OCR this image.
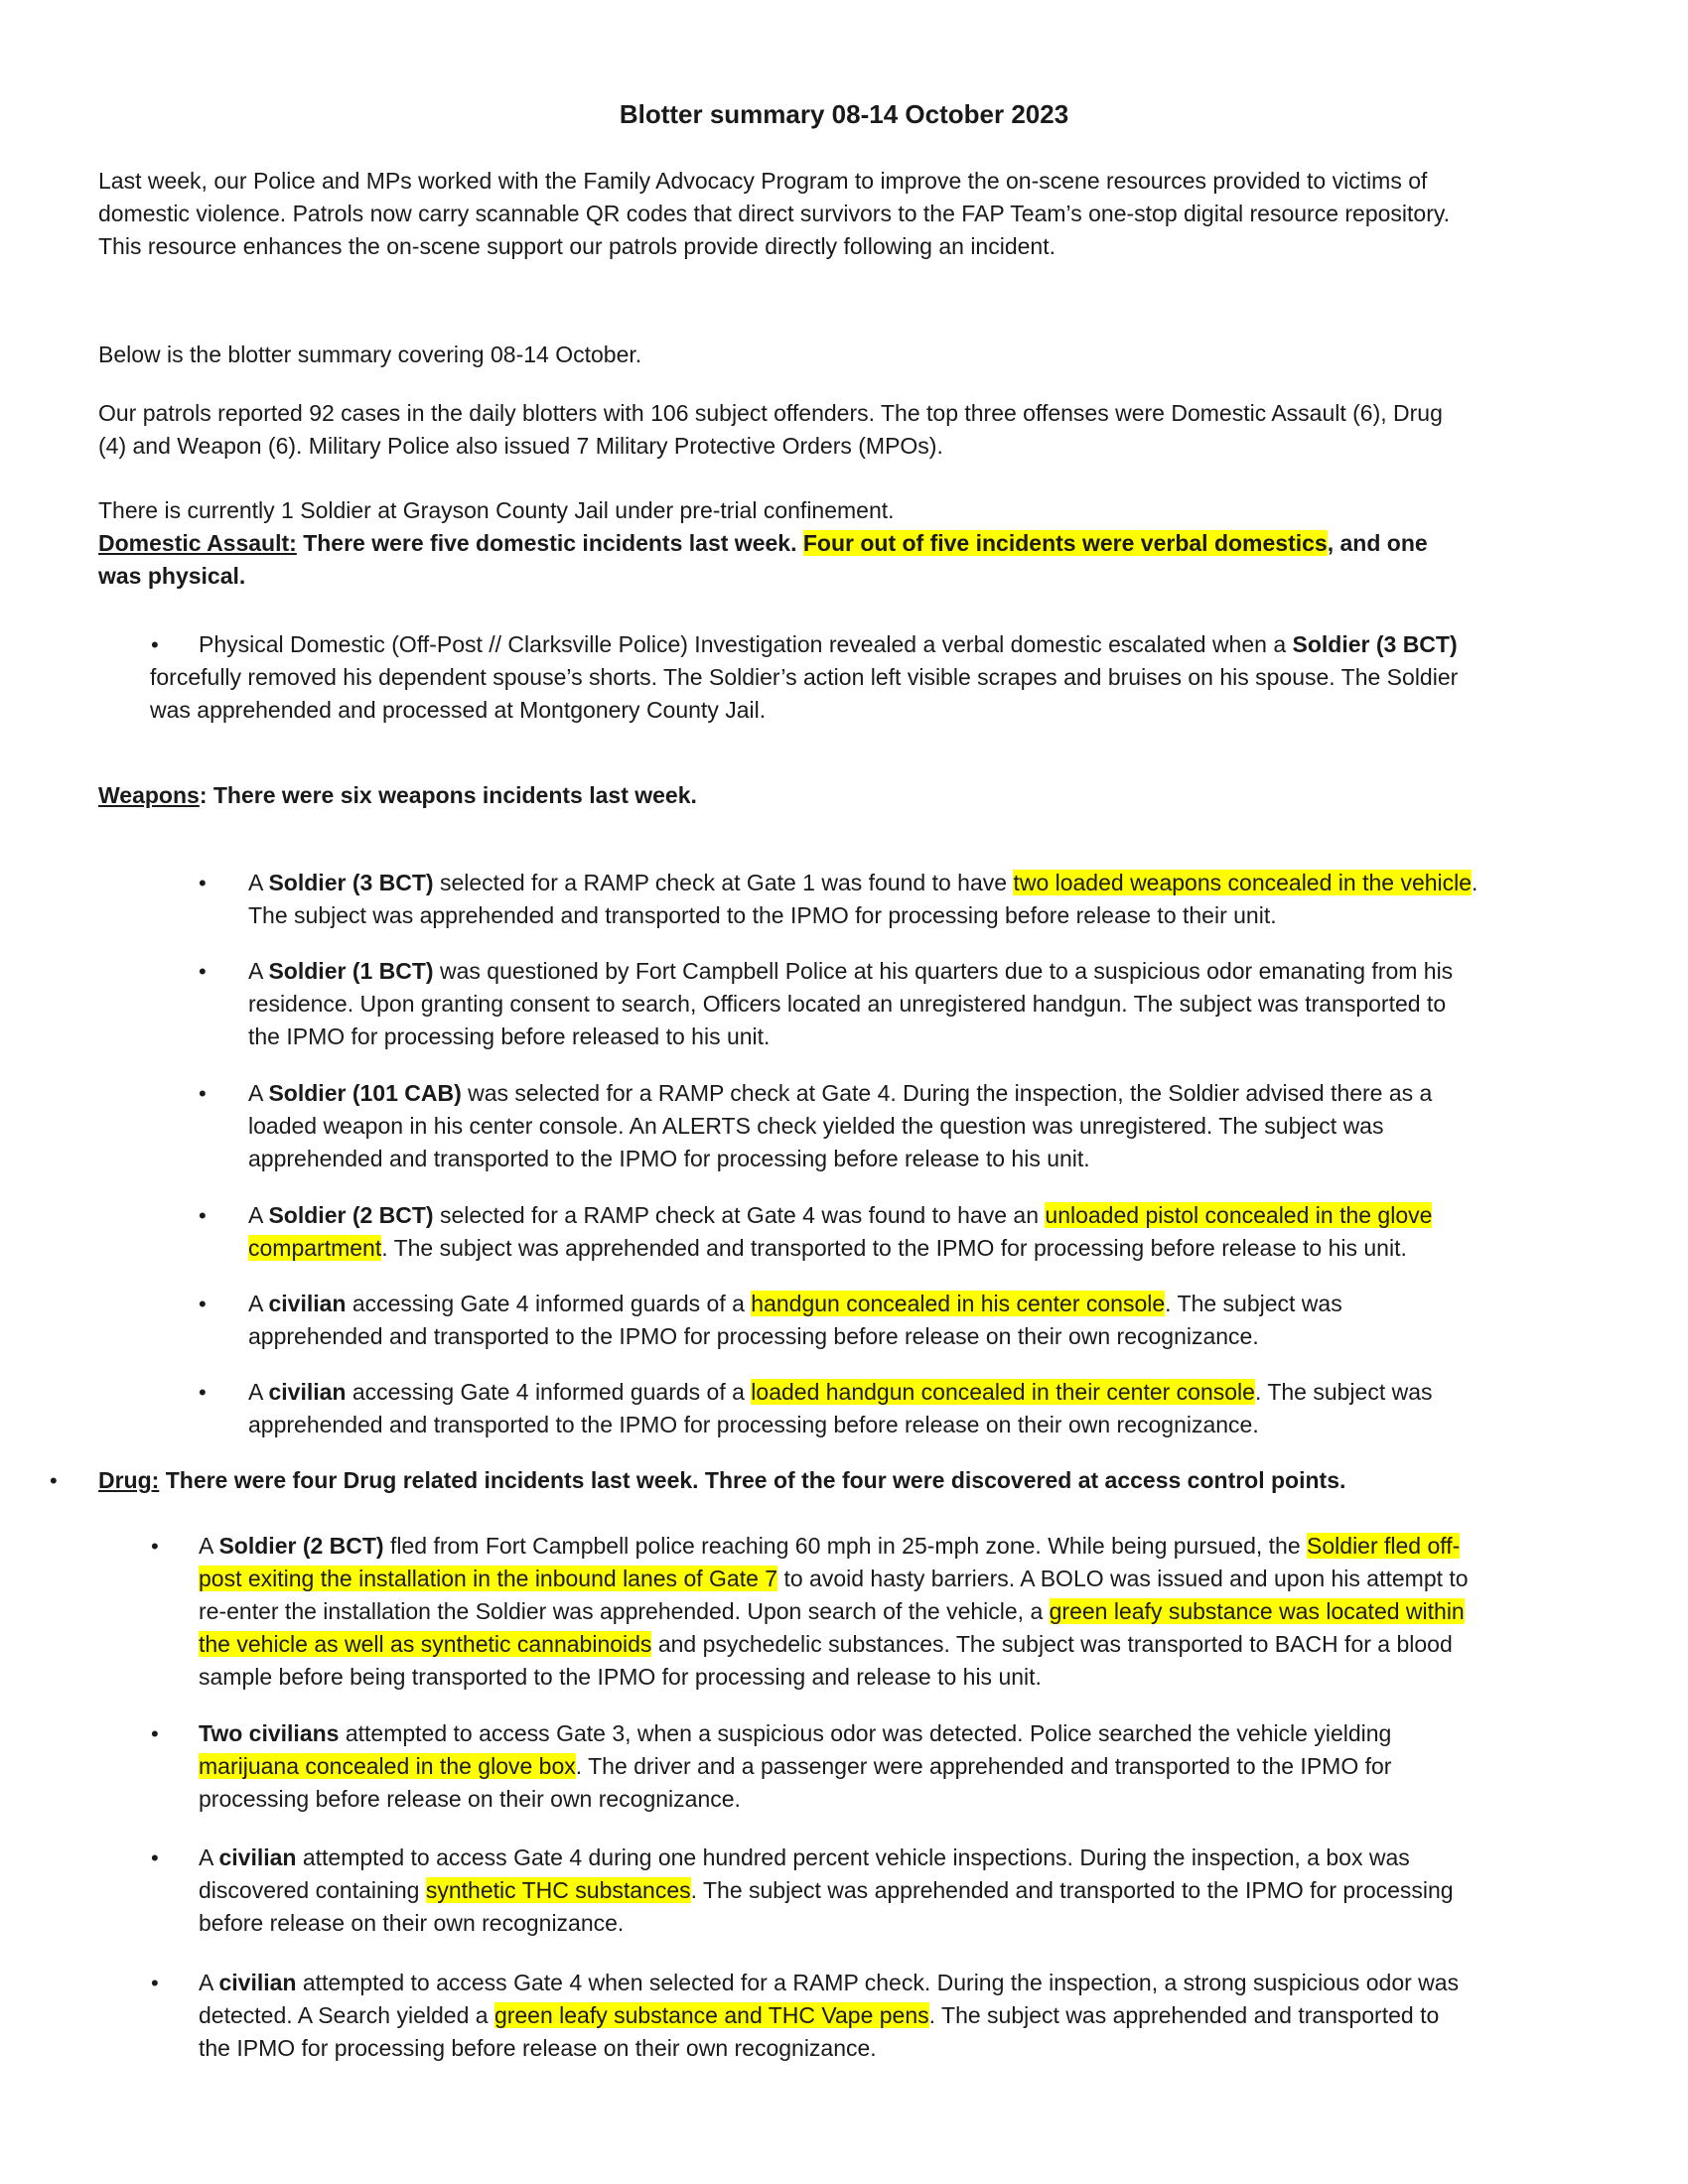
Blotter summary 08-14 October 2023
Last week, our Police and MPs worked with the Family Advocacy Program to improve the on-scene resources provided to victims of
domestic violence. Patrols now carry scannable QR codes that direct survivors to the FAP Team’s one-stop digital resource repository.
This resource enhances the on-scene support our patrols provide directly following an incident.
Below is the blotter summary covering 08-14 October.
Our patrols reported 92 cases in the daily blotters with 106 subject offenders. The top three offenses were Domestic Assault (6), Drug
(4) and Weapon (6). Military Police also issued 7 Military Protective Orders (MPOs).
There is currently 1 Soldier at Grayson County Jail under pre-trial confinement.
Domestic Assault: There were five domestic incidents last week. Four out of five incidents were verbal domestics, and one
was physical.
•	Physical Domestic (Off-Post // Clarksville Police) Investigation revealed a verbal domestic escalated when a Soldier (3 BCT)
forcefully removed his dependent spouse’s shorts. The Soldier’s action left visible scrapes and bruises on his spouse. The Soldier
was apprehended and processed at Montgonery County Jail.
Weapons: There were six weapons incidents last week.
• A Soldier (3 BCT) selected for a RAMP check at Gate 1 was found to have two loaded weapons concealed in the vehicle.
The subject was apprehended and transported to the IPMO for processing before release to their unit.
• A Soldier (1 BCT) was questioned by Fort Campbell Police at his quarters due to a suspicious odor emanating from his
residence. Upon granting consent to search, Officers located an unregistered handgun. The subject was transported to
the IPMO for processing before released to his unit.
• A Soldier (101 CAB) was selected for a RAMP check at Gate 4. During the inspection, the Soldier advised there as a
loaded weapon in his center console. An ALERTS check yielded the question was unregistered. The subject was
apprehended and transported to the IPMO for processing before release to his unit.
• A Soldier (2 BCT) selected for a RAMP check at Gate 4 was found to have an unloaded pistol concealed in the glove
compartment. The subject was apprehended and transported to the IPMO for processing before release to his unit.
• A civilian accessing Gate 4 informed guards of a handgun concealed in his center console. The subject was
apprehended and transported to the IPMO for processing before release on their own recognizance.
• A civilian accessing Gate 4 informed guards of a loaded handgun concealed in their center console. The subject was
apprehended and transported to the IPMO for processing before release on their own recognizance.
• Drug: There were four Drug related incidents last week. Three of the four were discovered at access control points.
• A Soldier (2 BCT) fled from Fort Campbell police reaching 60 mph in 25-mph zone. While being pursued, the Soldier fled off-
post exiting the installation in the inbound lanes of Gate 7 to avoid hasty barriers. A BOLO was issued and upon his attempt to
re-enter the installation the Soldier was apprehended. Upon search of the vehicle, a green leafy substance was located within
the vehicle as well as synthetic cannabinoids and psychedelic substances. The subject was transported to BACH for a blood
sample before being transported to the IPMO for processing and release to his unit.
• Two civilians attempted to access Gate 3, when a suspicious odor was detected. Police searched the vehicle yielding
marijuana concealed in the glove box. The driver and a passenger were apprehended and transported to the IPMO for
processing before release on their own recognizance.
• A civilian attempted to access Gate 4 during one hundred percent vehicle inspections. During the inspection, a box was
discovered containing synthetic THC substances. The subject was apprehended and transported to the IPMO for processing
before release on their own recognizance.
• A civilian attempted to access Gate 4 when selected for a RAMP check. During the inspection, a strong suspicious odor was
detected. A Search yielded a green leafy substance and THC Vape pens. The subject was apprehended and transported to
the IPMO for processing before release on their own recognizance.
